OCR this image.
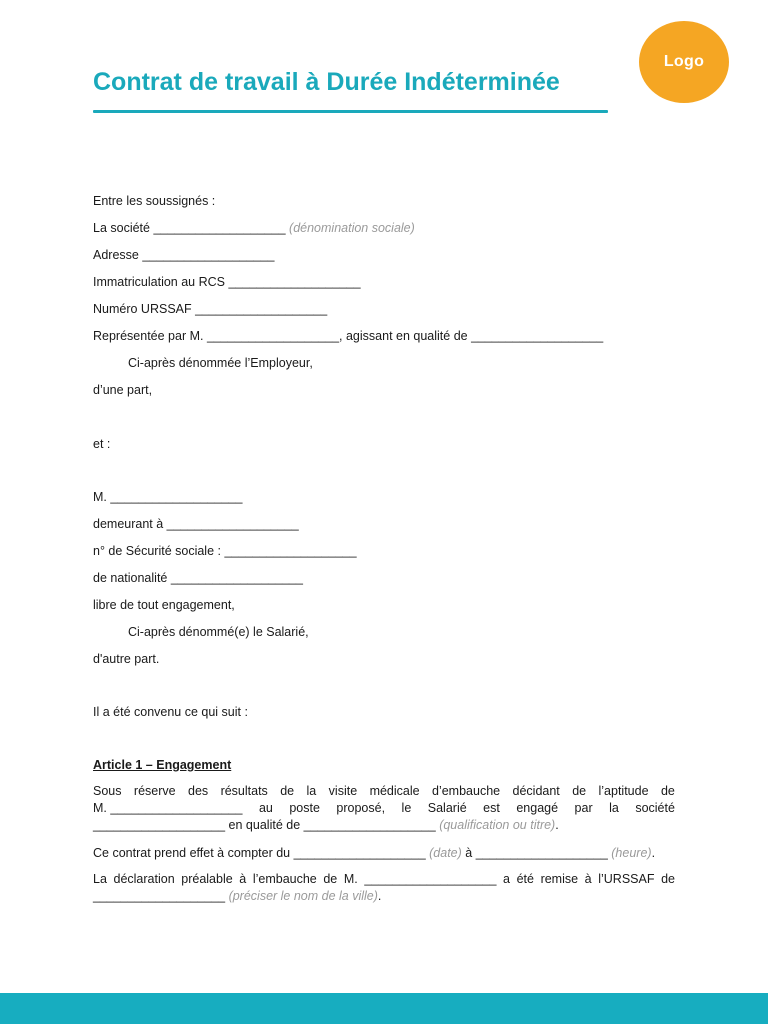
Logo
Contrat de travail à Durée Indéterminée
Entre les soussignés :
La société ___________________ (dénomination sociale)
Adresse ___________________
Immatriculation au RCS ___________________
Numéro URSSAF ___________________
Représentée par M. ___________________, agissant en qualité de ___________________
Ci-après dénommée l’Employeur,
d’une part,
et :
M. ___________________
demeurant à ___________________
n° de Sécurité sociale : ___________________
de nationalité ___________________
libre de tout engagement,
Ci-après dénommé(e) le Salarié,
d'autre part.
Il a été convenu ce qui suit :
Article 1 – Engagement
Sous réserve des résultats de la visite médicale d’embauche décidant de l’aptitude de
M. ___________________ au poste proposé, le Salarié est engagé par la société
___________________ en qualité de ___________________ (qualification ou titre) .
Ce contrat prend effet à compter du ___________________ (date) à ___________________ (heure).
La déclaration préalable à l’embauche de M. ___________________ a été remise à l’URSSAF de
___________________ (préciser le nom de la ville) .
